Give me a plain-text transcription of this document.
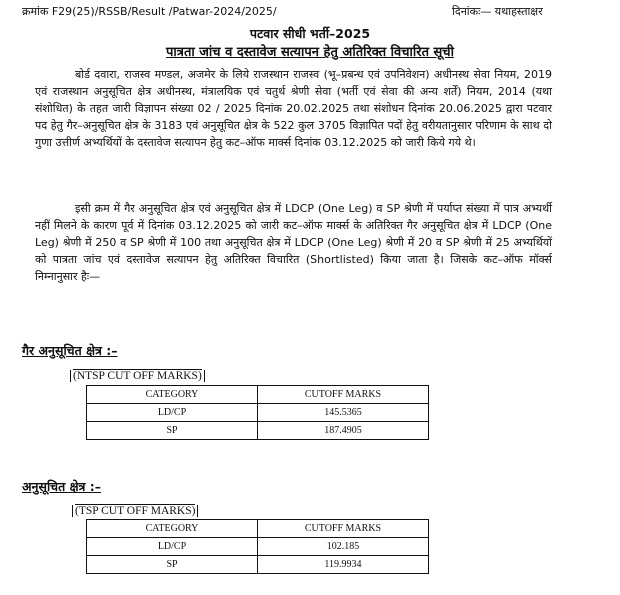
क्रमांक F29(25)/RSSB/Result /Patwar-2024/2025/	दिनांकः— यथाहस्ताक्षर
पटवार सीधी भर्ती–2025
पात्रता जांच व दस्तावेज सत्यापन हेतु अतिरिक्त विचारित सूची

बोर्ड दवारा, राजस्व मण्डल, अजमेर के लिये राजस्थान राजस्व (भू–प्रबन्ध एवं उपनिवेशन) अधीनस्थ सेवा नियम, 2019 एवं राजस्थान अनुसूचित क्षेत्र अधीनस्थ, मंत्रालयिक एवं चतुर्थ श्रेणी सेवा (भर्ती एवं सेवा की अन्य शर्तें) नियम, 2014 (यथा संशोधित) के तहत जारी विज्ञापन संख्या 02 / 2025 दिनांक 20.02.2025 तथा संशोधन दिनांक 20.06.2025 द्वारा पटवार पद हेतु गैर–अनुसूचित क्षेत्र के 3183 एवं अनुसूचित क्षेत्र के 522 कुल 3705 विज्ञापित पदों हेतु वरीयतानुसार परिणाम के साथ दो गुणा उत्तीर्ण अभ्यर्थियों के दस्तावेज सत्यापन हेतु कट–ऑफ मार्क्स दिनांक 03.12.2025 को जारी किये गये थे।

इसी क्रम में गैर अनुसूचित क्षेत्र एवं अनुसूचित क्षेत्र में LDCP (One Leg) व SP श्रेणी में पर्याप्त संख्या में पात्र अभ्यर्थी नहीं मिलने के कारण पूर्व में दिनांक 03.12.2025 को जारी कट–ऑफ मार्क्स के अतिरिक्त गैर अनुसूचित क्षेत्र में LDCP (One Leg) श्रेणी में 250 व SP श्रेणी में 100 तथा अनुसूचित क्षेत्र में LDCP (One Leg) श्रेणी में 20 व SP श्रेणी में 25 अभ्यर्थियों को पात्रता जांच एवं दस्तावेज सत्यापन हेतु अतिरिक्त विचारित (Shortlisted) किया जाता है। जिसके कट–ऑफ मॉर्क्स निम्नानुसार हैः—

गैर अनुसूचित क्षेत्र :–
(NTSP CUT OFF MARKS)
CATEGORY	CUTOFF MARKS
LD/CP	145.5365
SP	187.4905
अनुसूचित क्षेत्र :–
(TSP CUT OFF MARKS)
CATEGORY	CUTOFF MARKS
LD/CP	102.185
SP	119.9934
